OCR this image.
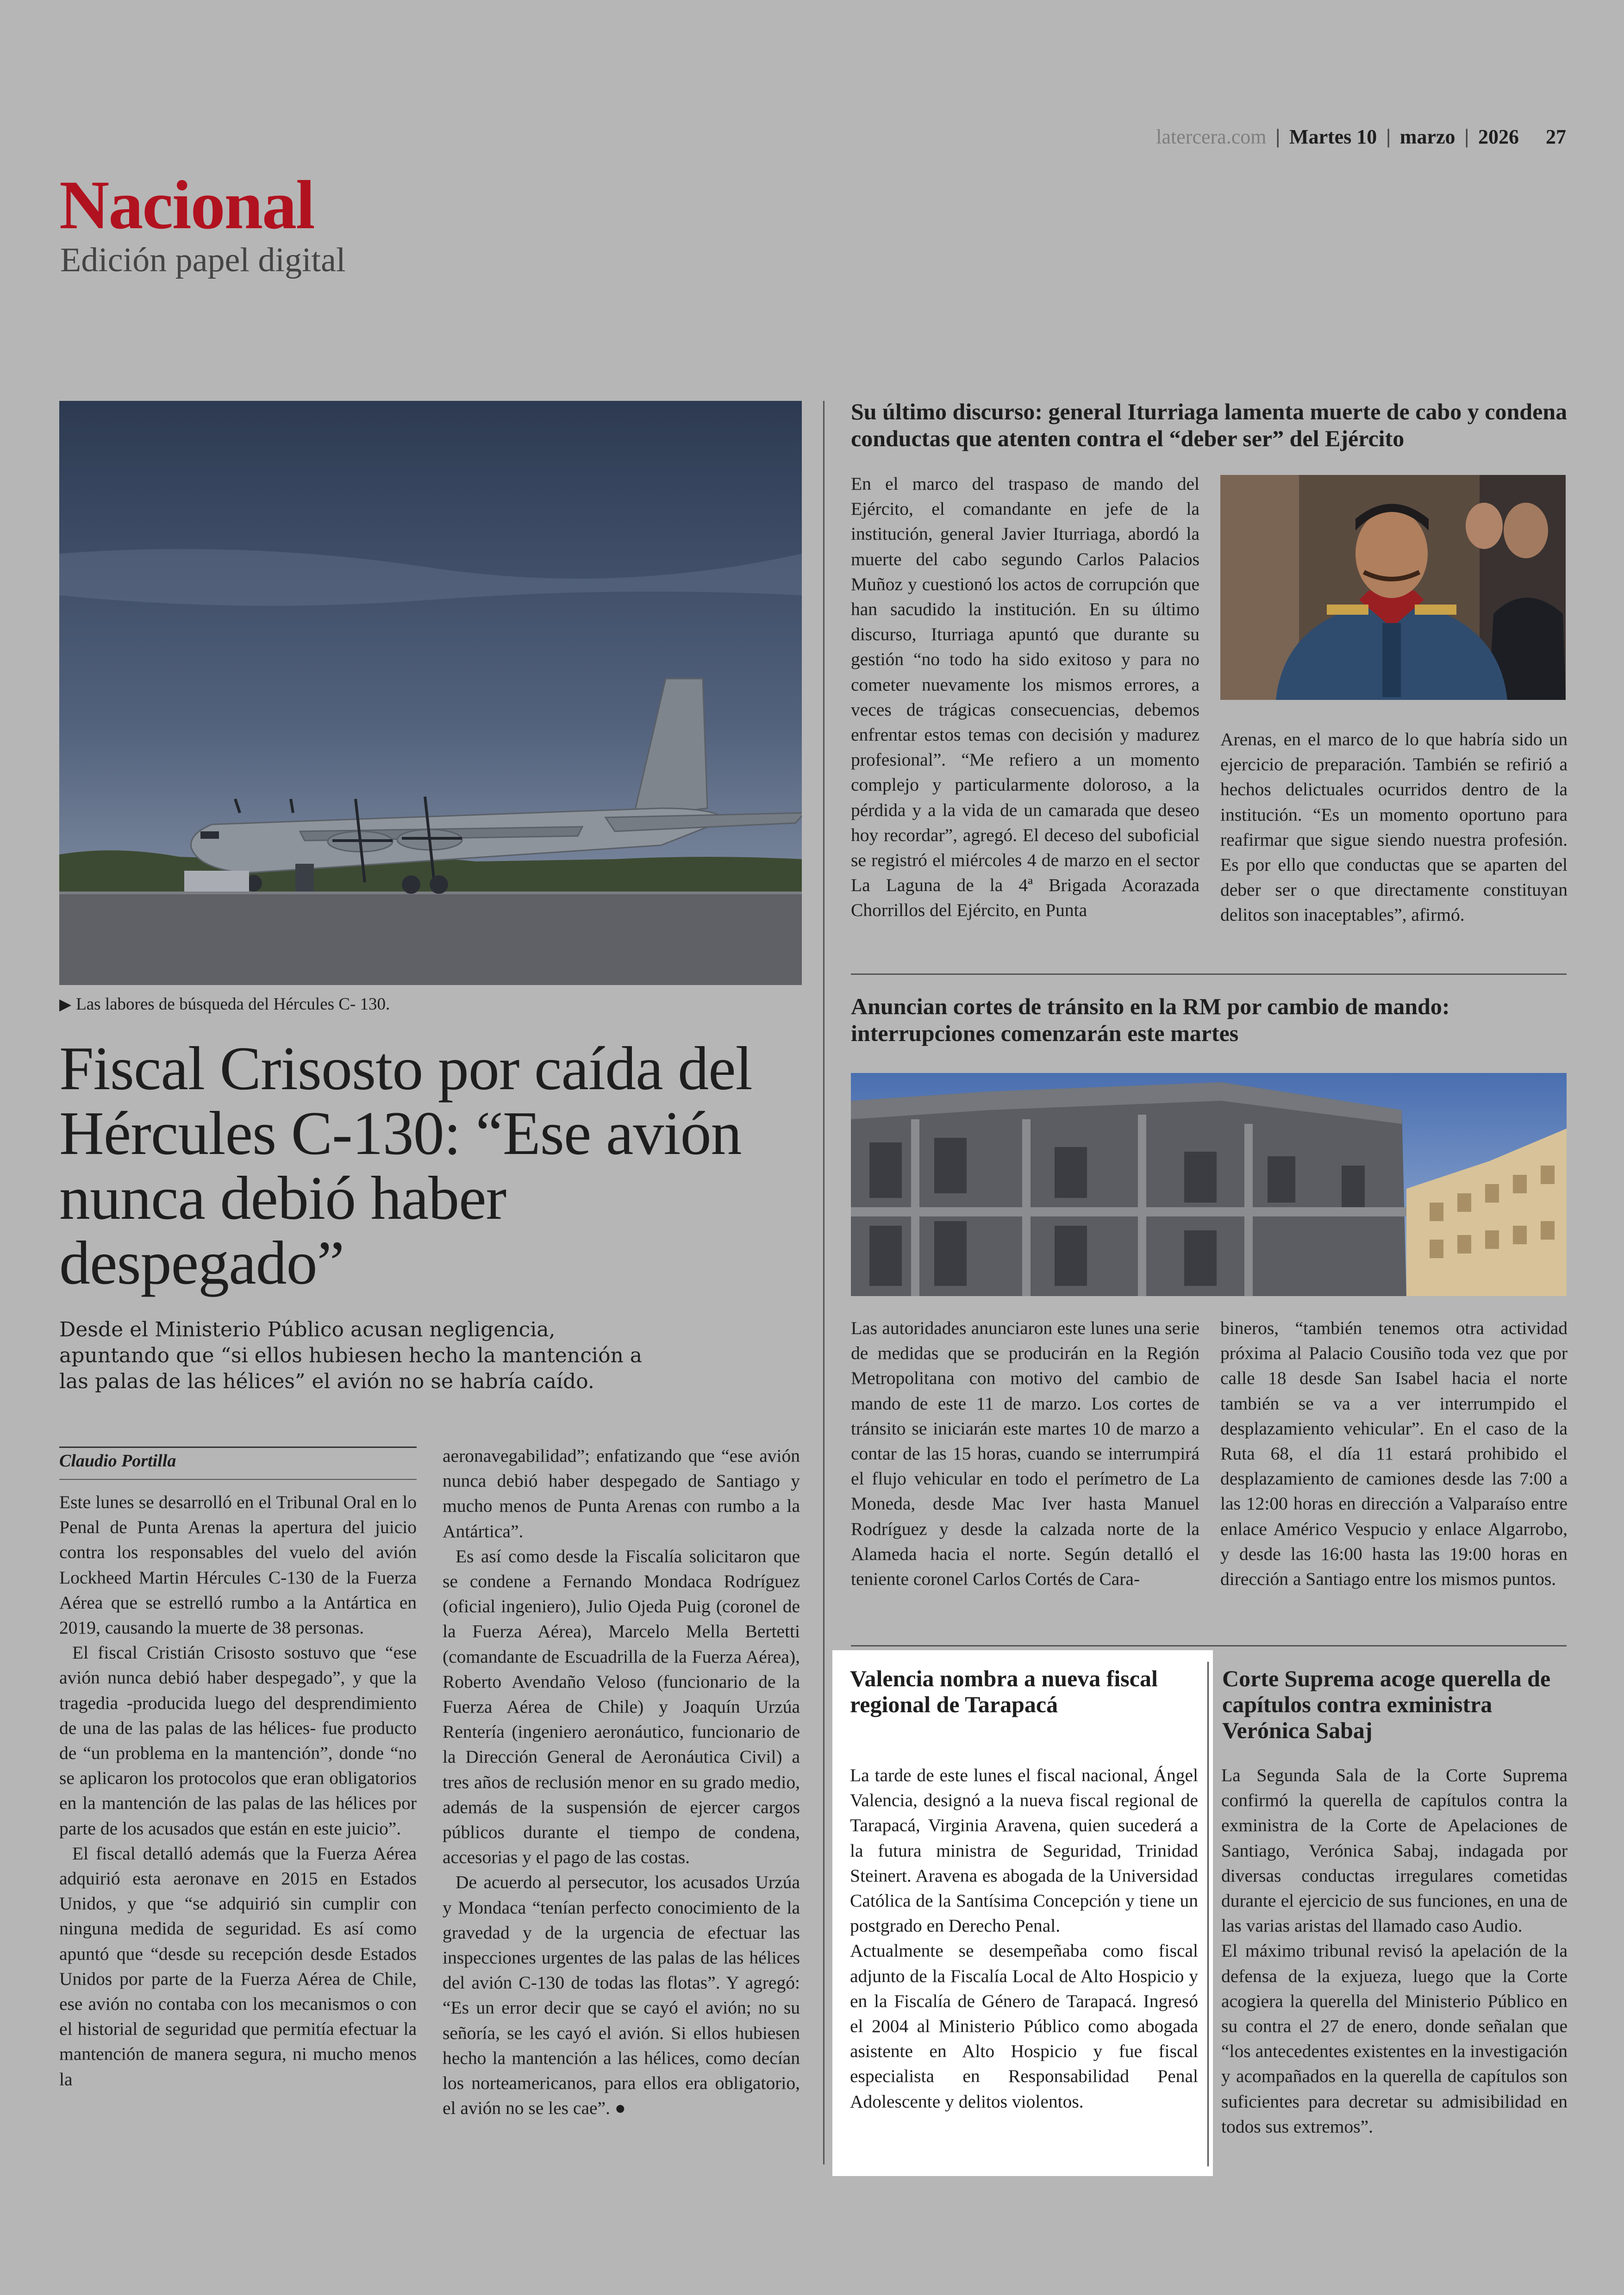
latercera.com | Martes 10 | marzo | 2026 27
Nacional
Edición papel digital
▶ Las labores de búsqueda del Hércules C- 130.
Fiscal Crisosto por caída del Hércules C-130: “Ese avión nunca debió haber despegado”

Desde el Ministerio Público acusan negligencia, apuntando que “si ellos hubiesen hecho la mantención a las palas de las hélices” el avión no se habría caído.

Claudio Portilla

Este lunes se desarrolló en el Tribunal Oral en lo Penal de Punta Arenas la apertura del juicio contra los responsables del vuelo del avión Lockheed Martin Hércules C-130 de la Fuerza Aérea que se estrelló rumbo a la Antártica en 2019, causando la muerte de 38 personas.

El fiscal Cristián Crisosto sostuvo que “ese avión nunca debió haber despegado”, y que la tragedia -producida luego del desprendimiento de una de las palas de las hélices- fue producto de “un problema en la mantención”, donde “no se aplicaron los protocolos que eran obligatorios en la mantención de las palas de las hélices por parte de los acusados que están en este juicio”.

El fiscal detalló además que la Fuerza Aérea adquirió esta aeronave en 2015 en Estados Unidos, y que “se adquirió sin cumplir con ninguna medida de seguridad. Es así como apuntó que “desde su recepción desde Estados Unidos por parte de la Fuerza Aérea de Chile, ese avión no contaba con los mecanismos o con el historial de seguridad que permitía efectuar la mantención de manera segura, ni mucho menos la

aeronavegabilidad”; enfatizando que “ese avión nunca debió haber despegado de Santiago y mucho menos de Punta Arenas con rumbo a la Antártica”.

Es así como desde la Fiscalía solicitaron que se condene a Fernando Mondaca Rodríguez (oficial ingeniero), Julio Ojeda Puig (coronel de la Fuerza Aérea), Marcelo Mella Bertetti (comandante de Escuadrilla de la Fuerza Aérea), Roberto Avendaño Veloso (funcionario de la Fuerza Aérea de Chile) y Joaquín Urzúa Rentería (ingeniero aeronáutico, funcionario de la Dirección General de Aeronáutica Civil) a tres años de reclusión menor en su grado medio, además de la suspensión de ejercer cargos públicos durante el tiempo de condena, accesorias y el pago de las costas.

De acuerdo al persecutor, los acusados Urzúa y Mondaca “tenían perfecto conocimiento de la gravedad y de la urgencia de efectuar las inspecciones urgentes de las palas de las hélices del avión C-130 de todas las flotas”. Y agregó: “Es un error decir que se cayó el avión; no su señoría, se les cayó el avión. Si ellos hubiesen hecho la mantención a las hélices, como decían los norteamericanos, para ellos era obligatorio, el avión no se les cae”. ●

Su último discurso: general Iturriaga lamenta muerte de cabo y condena conductas que atenten contra el “deber ser” del Ejército

En el marco del traspaso de mando del Ejército, el comandante en jefe de la institución, general Javier Iturriaga, abordó la muerte del cabo segundo Carlos Palacios Muñoz y cuestionó los actos de corrupción que han sacudido la institución. En su último discurso, Iturriaga apuntó que durante su gestión “no todo ha sido exitoso y para no cometer nuevamente los mismos errores, a veces de trágicas consecuencias, debemos enfrentar estos temas con decisión y madurez profesional”. “Me refiero a un momento complejo y particularmente doloroso, a la pérdida y a la vida de un camarada que deseo hoy recordar”, agregó. El deceso del suboficial se registró el miércoles 4 de marzo en el sector La Laguna de la 4ª Brigada Acorazada Chorrillos del Ejército, en Punta

Arenas, en el marco de lo que habría sido un ejercicio de preparación. También se refirió a hechos delictuales ocurridos dentro de la institución. “Es un momento oportuno para reafirmar que sigue siendo nuestra profesión. Es por ello que conductas que se aparten del deber ser o que directamente constituyan delitos son inaceptables”, afirmó.

Anuncian cortes de tránsito en la RM por cambio de mando: interrupciones comenzarán este martes

Las autoridades anunciaron este lunes una serie de medidas que se producirán en la Región Metropolitana con motivo del cambio de mando de este 11 de marzo. Los cortes de tránsito se iniciarán este martes 10 de marzo a contar de las 15 horas, cuando se interrumpirá el flujo vehicular en todo el perímetro de La Moneda, desde Mac Iver hasta Manuel Rodríguez y desde la calzada norte de la Alameda hacia el norte. Según detalló el teniente coronel Carlos Cortés de Cara-

bineros, “también tenemos otra actividad próxima al Palacio Cousiño toda vez que por calle 18 desde San Isabel hacia el norte también se va a ver interrumpido el desplazamiento vehicular”. En el caso de la Ruta 68, el día 11 estará prohibido el desplazamiento de camiones desde las 7:00 a las 12:00 horas en dirección a Valparaíso entre enlace Américo Vespucio y enlace Algarrobo, y desde las 16:00 hasta las 19:00 horas en dirección a Santiago entre los mismos puntos.

Valencia nombra a nueva fiscal regional de Tarapacá

La tarde de este lunes el fiscal nacional, Ángel Valencia, designó a la nueva fiscal regional de Tarapacá, Virginia Aravena, quien sucederá a la futura ministra de Seguridad, Trinidad Steinert. Aravena es abogada de la Universidad Católica de la Santísima Concepción y tiene un postgrado en Derecho Penal.

Actualmente se desempeñaba como fiscal adjunto de la Fiscalía Local de Alto Hospicio y en la Fiscalía de Género de Tarapacá. Ingresó el 2004 al Ministerio Público como abogada asistente en Alto Hospicio y fue fiscal especialista en Responsabilidad Penal Adolescente y delitos violentos.

Corte Suprema acoge querella de capítulos contra exministra Verónica Sabaj

La Segunda Sala de la Corte Suprema confirmó la querella de capítulos contra la exministra de la Corte de Apelaciones de Santiago, Verónica Sabaj, indagada por diversas conductas irregulares cometidas durante el ejercicio de sus funciones, en una de las varias aristas del llamado caso Audio.

El máximo tribunal revisó la apelación de la defensa de la exjueza, luego que la Corte acogiera la querella del Ministerio Público en su contra el 27 de enero, donde señalan que “los antecedentes existentes en la investigación y acompañados en la querella de capítulos son suficientes para decretar su admisibilidad en todos sus extremos”.
